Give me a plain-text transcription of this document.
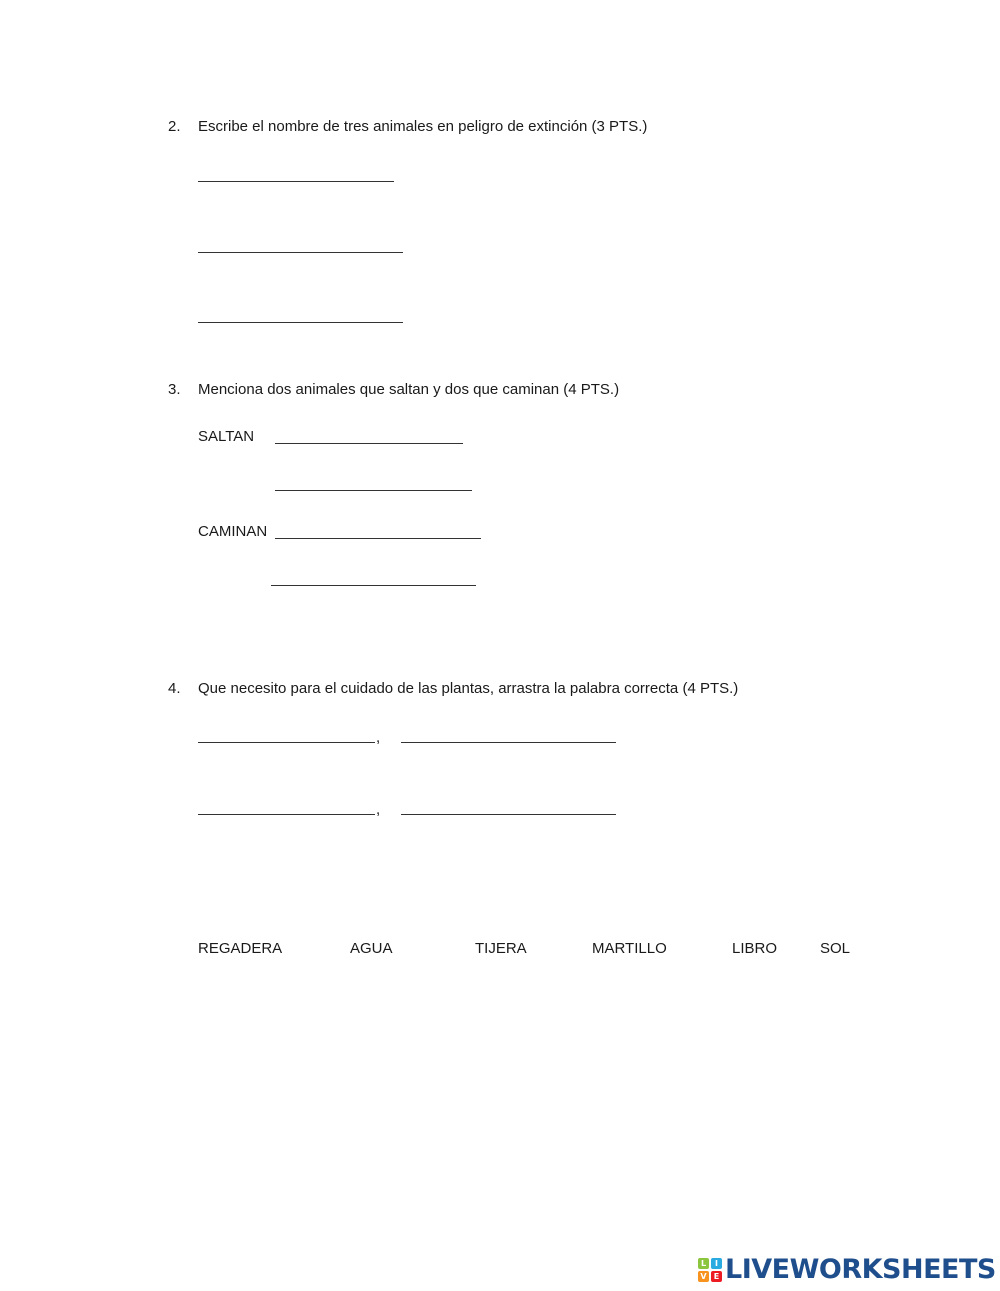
2. Escribe el nombre de tres animales en peligro de extinción (3 PTS.)
3. Menciona dos animales que saltan y dos que caminan (4 PTS.)
SALTAN
CAMINAN
4. Que necesito para el cuidado de las plantas, arrastra la palabra correcta (4 PTS.)
,
,
REGADERA	AGUA	TIJERA	MARTILLO	LIBRO	SOL
L	I
V E LIVEWORKSHEETS
